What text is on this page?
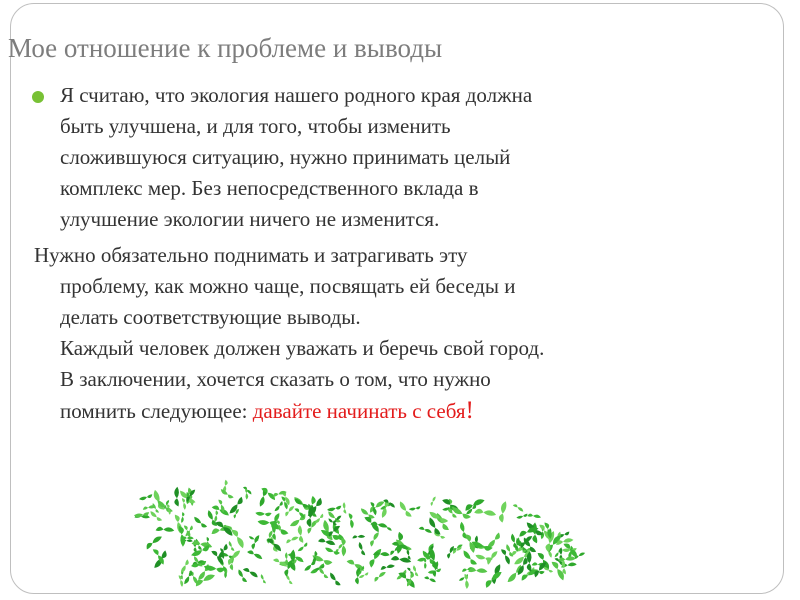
Мое отношение к проблеме и выводы

Я считаю, что экология нашего родного края должна
быть улучшена, и для того, чтобы изменить
сложившуюся ситуацию, нужно принимать целый
комплекс мер. Без непосредственного вклада в
улучшение экологии ничего не изменится.

Нужно обязательно поднимать и затрагивать эту
проблему, как можно чаще, посвящать ей беседы и
делать соответствующие выводы.
Каждый человек должен уважать и беречь свой город.
В заключении, хочется сказать о том, что нужно
помнить следующее: давайте начинать с себя!
